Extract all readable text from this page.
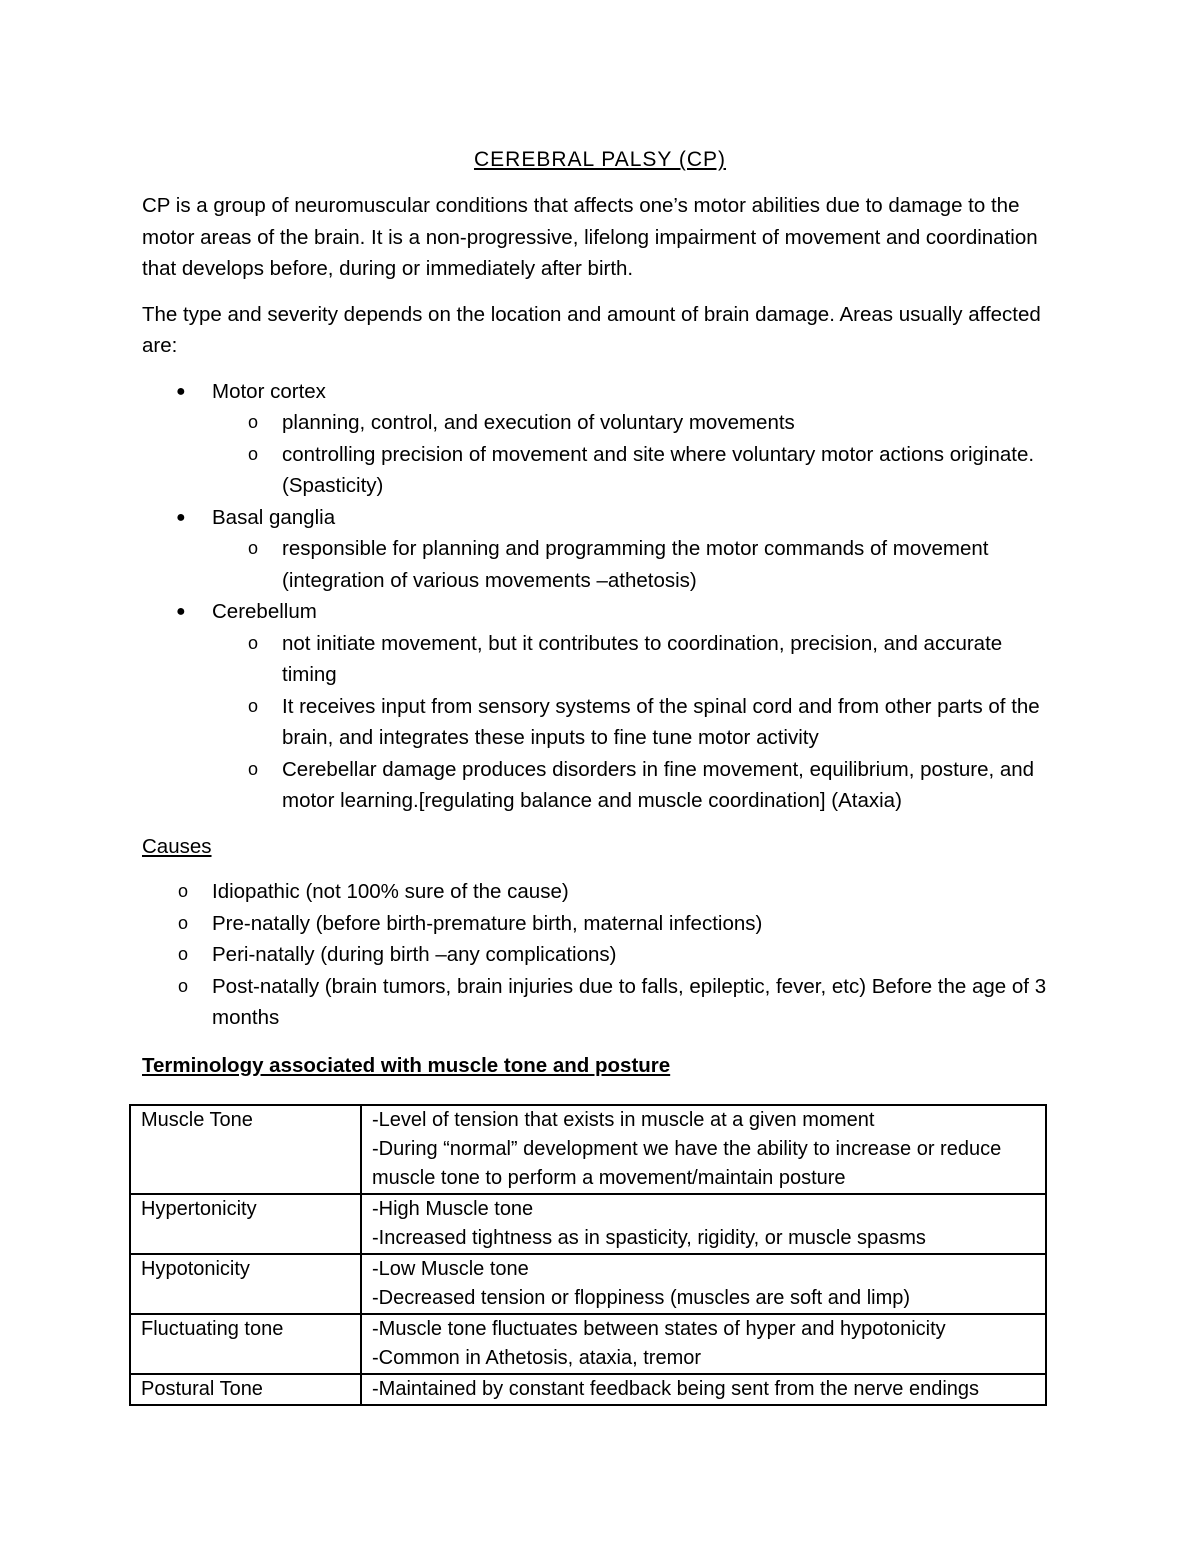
CEREBRAL PALSY (CP)

CP is a group of neuromuscular conditions that affects one’s motor abilities due to damage to the motor areas of the brain. It is a non-progressive, lifelong impairment of movement and coordination that develops before, during or immediately after birth.

The type and severity depends on the location and amount of brain damage. Areas usually affected are:

● Motor cortex
o planning, control, and execution of voluntary movements
o controlling precision of movement and site where voluntary motor actions originate. (Spasticity)
● Basal ganglia
o responsible for planning and programming the motor commands of movement (integration of various movements –athetosis)
● Cerebellum
o not initiate movement, but it contributes to coordination, precision, and accurate timing
o It receives input from sensory systems of the spinal cord and from other parts of the brain, and integrates these inputs to fine tune motor activity
o Cerebellar damage produces disorders in fine movement, equilibrium, posture, and motor learning.[regulating balance and muscle coordination] (Ataxia)
Causes
o Idiopathic (not 100% sure of the cause)
o Pre-natally (before birth-premature birth, maternal infections)
o Peri-natally (during birth –any complications)
o Post-natally (brain tumors, brain injuries due to falls, epileptic, fever, etc) Before the age of 3 months
Terminology associated with muscle tone and posture
Muscle Tone	-Level of tension that exists in muscle at a given moment
-During “normal” development we have the ability to increase or reduce muscle tone to perform a movement/maintain posture

Hypertonicity	-High Muscle tone
-Increased tightness as in spasticity, rigidity, or muscle spasms

Hypotonicity	-Low Muscle tone
-Decreased tension or floppiness (muscles are soft and limp)

Fluctuating tone	-Muscle tone fluctuates between states of hyper and hypotonicity
-Common in Athetosis, ataxia, tremor

Postural Tone	-Maintained by constant feedback being sent from the nerve endings
